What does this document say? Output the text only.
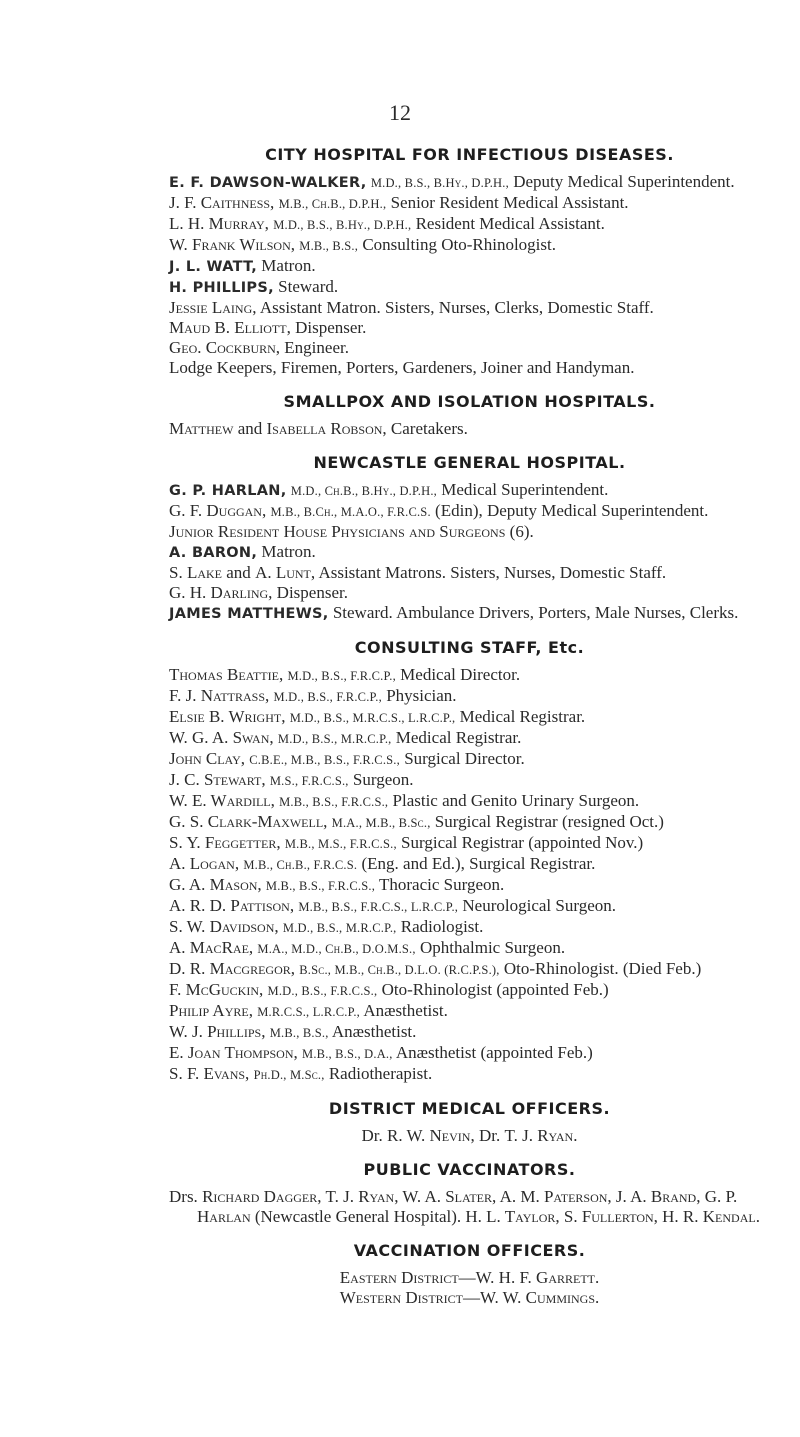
12
CITY HOSPITAL FOR INFECTIOUS DISEASES.

E. F. DAWSON-WALKER, M.D., B.S., B.Hy., D.P.H., Deputy Medical Superintendent.

J. F. Caithness, M.B., Ch.B., D.P.H., Senior Resident Medical Assistant.

L. H. Murray, M.D., B.S., B.Hy., D.P.H., Resident Medical Assistant.

W. Frank Wilson, M.B., B.S., Consulting Oto-Rhinologist.

J. L. WATT, Matron.

H. PHILLIPS, Steward.

Jessie Laing, Assistant Matron. Sisters, Nurses, Clerks, Domestic Staff.

Maud B. Elliott, Dispenser.

Geo. Cockburn, Engineer.

Lodge Keepers, Firemen, Porters, Gardeners, Joiner and Handyman.

SMALLPOX AND ISOLATION HOSPITALS.

Matthew and Isabella Robson, Caretakers.

NEWCASTLE GENERAL HOSPITAL.

G. P. HARLAN, M.D., Ch.B., B.Hy., D.P.H., Medical Superintendent.

G. F. Duggan, M.B., B.Ch., M.A.O., F.R.C.S. (Edin), Deputy Medical Superintendent.

Junior Resident House Physicians and Surgeons (6).

A. BARON, Matron.

S. Lake and A. Lunt, Assistant Matrons. Sisters, Nurses, Domestic Staff.

G. H. Darling, Dispenser.

JAMES MATTHEWS, Steward. Ambulance Drivers, Porters, Male Nurses, Clerks.

CONSULTING STAFF, Etc.

Thomas Beattie, M.D., B.S., F.R.C.P., Medical Director.

F. J. Nattrass, M.D., B.S., F.R.C.P., Physician.

Elsie B. Wright, M.D., B.S., M.R.C.S., L.R.C.P., Medical Registrar.

W. G. A. Swan, M.D., B.S., M.R.C.P., Medical Registrar.

John Clay, C.B.E., M.B., B.S., F.R.C.S., Surgical Director.

J. C. Stewart, M.S., F.R.C.S., Surgeon.

W. E. Wardill, M.B., B.S., F.R.C.S., Plastic and Genito Urinary Surgeon.

G. S. Clark-Maxwell, M.A., M.B., B.Sc., Surgical Registrar (resigned Oct.)

S. Y. Feggetter, M.B., M.S., F.R.C.S., Surgical Registrar (appointed Nov.)

A. Logan, M.B., Ch.B., F.R.C.S. (Eng. and Ed.), Surgical Registrar.

G. A. Mason, M.B., B.S., F.R.C.S., Thoracic Surgeon.

A. R. D. Pattison, M.B., B.S., F.R.C.S., L.R.C.P., Neurological Surgeon.

S. W. Davidson, M.D., B.S., M.R.C.P., Radiologist.

A. MacRae, M.A., M.D., Ch.B., D.O.M.S., Ophthalmic Surgeon.

D. R. Macgregor, B.Sc., M.B., Ch.B., D.L.O. (R.C.P.S.), Oto-Rhinologist. (Died Feb.)

F. McGuckin, M.D., B.S., F.R.C.S., Oto-Rhinologist (appointed Feb.)

Philip Ayre, M.R.C.S., L.R.C.P., Anæsthetist.

W. J. Phillips, M.B., B.S., Anæsthetist.

E. Joan Thompson, M.B., B.S., D.A., Anæsthetist (appointed Feb.)

S. F. Evans, Ph.D., M.Sc., Radiotherapist.

DISTRICT MEDICAL OFFICERS.
Dr. R. W. Nevin, Dr. T. J. Ryan.
PUBLIC VACCINATORS.

Drs. Richard Dagger, T. J. Ryan, W. A. Slater, A. M. Paterson, J. A. Brand, G. P. Harlan (Newcastle General Hospital). H. L. Taylor, S. Fullerton, H. R. Kendal.

VACCINATION OFFICERS.
Eastern District—W. H. F. Garrett.
Western District—W. W. Cummings.
